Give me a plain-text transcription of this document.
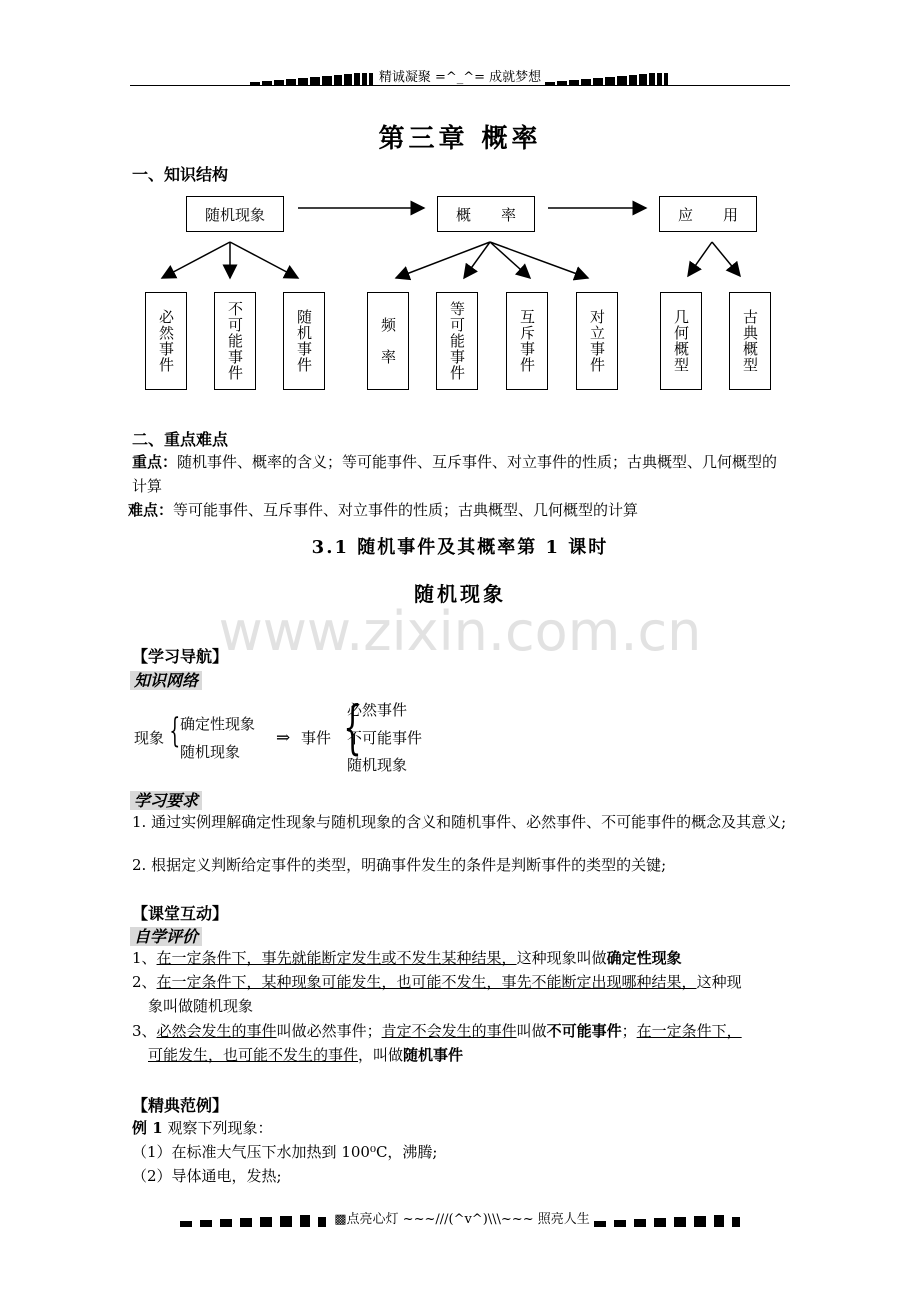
精诚凝聚 =^_^= 成就梦想
第三章 概率
一、知识结构
随机现象	概　　率	应　　用
必然事件	不可能事件	随机事件	频　率	等可能事件	互斥事件	对立事件	几何概型	古典概型
二、重点难点
重点：随机事件、概率的含义；等可能事件、互斥事件、对立事件的性质；古典概型、几何概型的计算
难点：等可能事件、互斥事件、对立事件的性质；古典概型、几何概型的计算
3.1 随机事件及其概率第 1 课时
随机现象
www.zixin.com.cn
【学习导航】
知识网络
现象 { 确定性现象
随机现象
⇒ 事件 {
必然事件
不可能事件
随机现象
学习要求
1. 通过实例理解确定性现象与随机现象的含义和随机事件、必然事件、不可能事件的概念及其意义;
2. 根据定义判断给定事件的类型，明确事件发生的条件是判断事件的类型的关键;
【课堂互动】
自学评价
1、在一定条件下，事先就能断定发生或不发生某种结果，这种现象叫做确定性现象
2、在一定条件下，某种现象可能发生，也可能不发生，事先不能断定出现哪种结果，这种现
象叫做随机现象
3、必然会发生的事件叫做必然事件；肯定不会发生的事件叫做不可能事件；在一定条件下，
可能发生，也可能不发生的事件，叫做随机事件
【精典范例】
例 1 观察下列现象：
（1）在标准大气压下水加热到 100⁰C，沸腾;
（2）导体通电，发热;
▩点亮心灯 ~~~///(^v^)\\\~~~ 照亮人生
